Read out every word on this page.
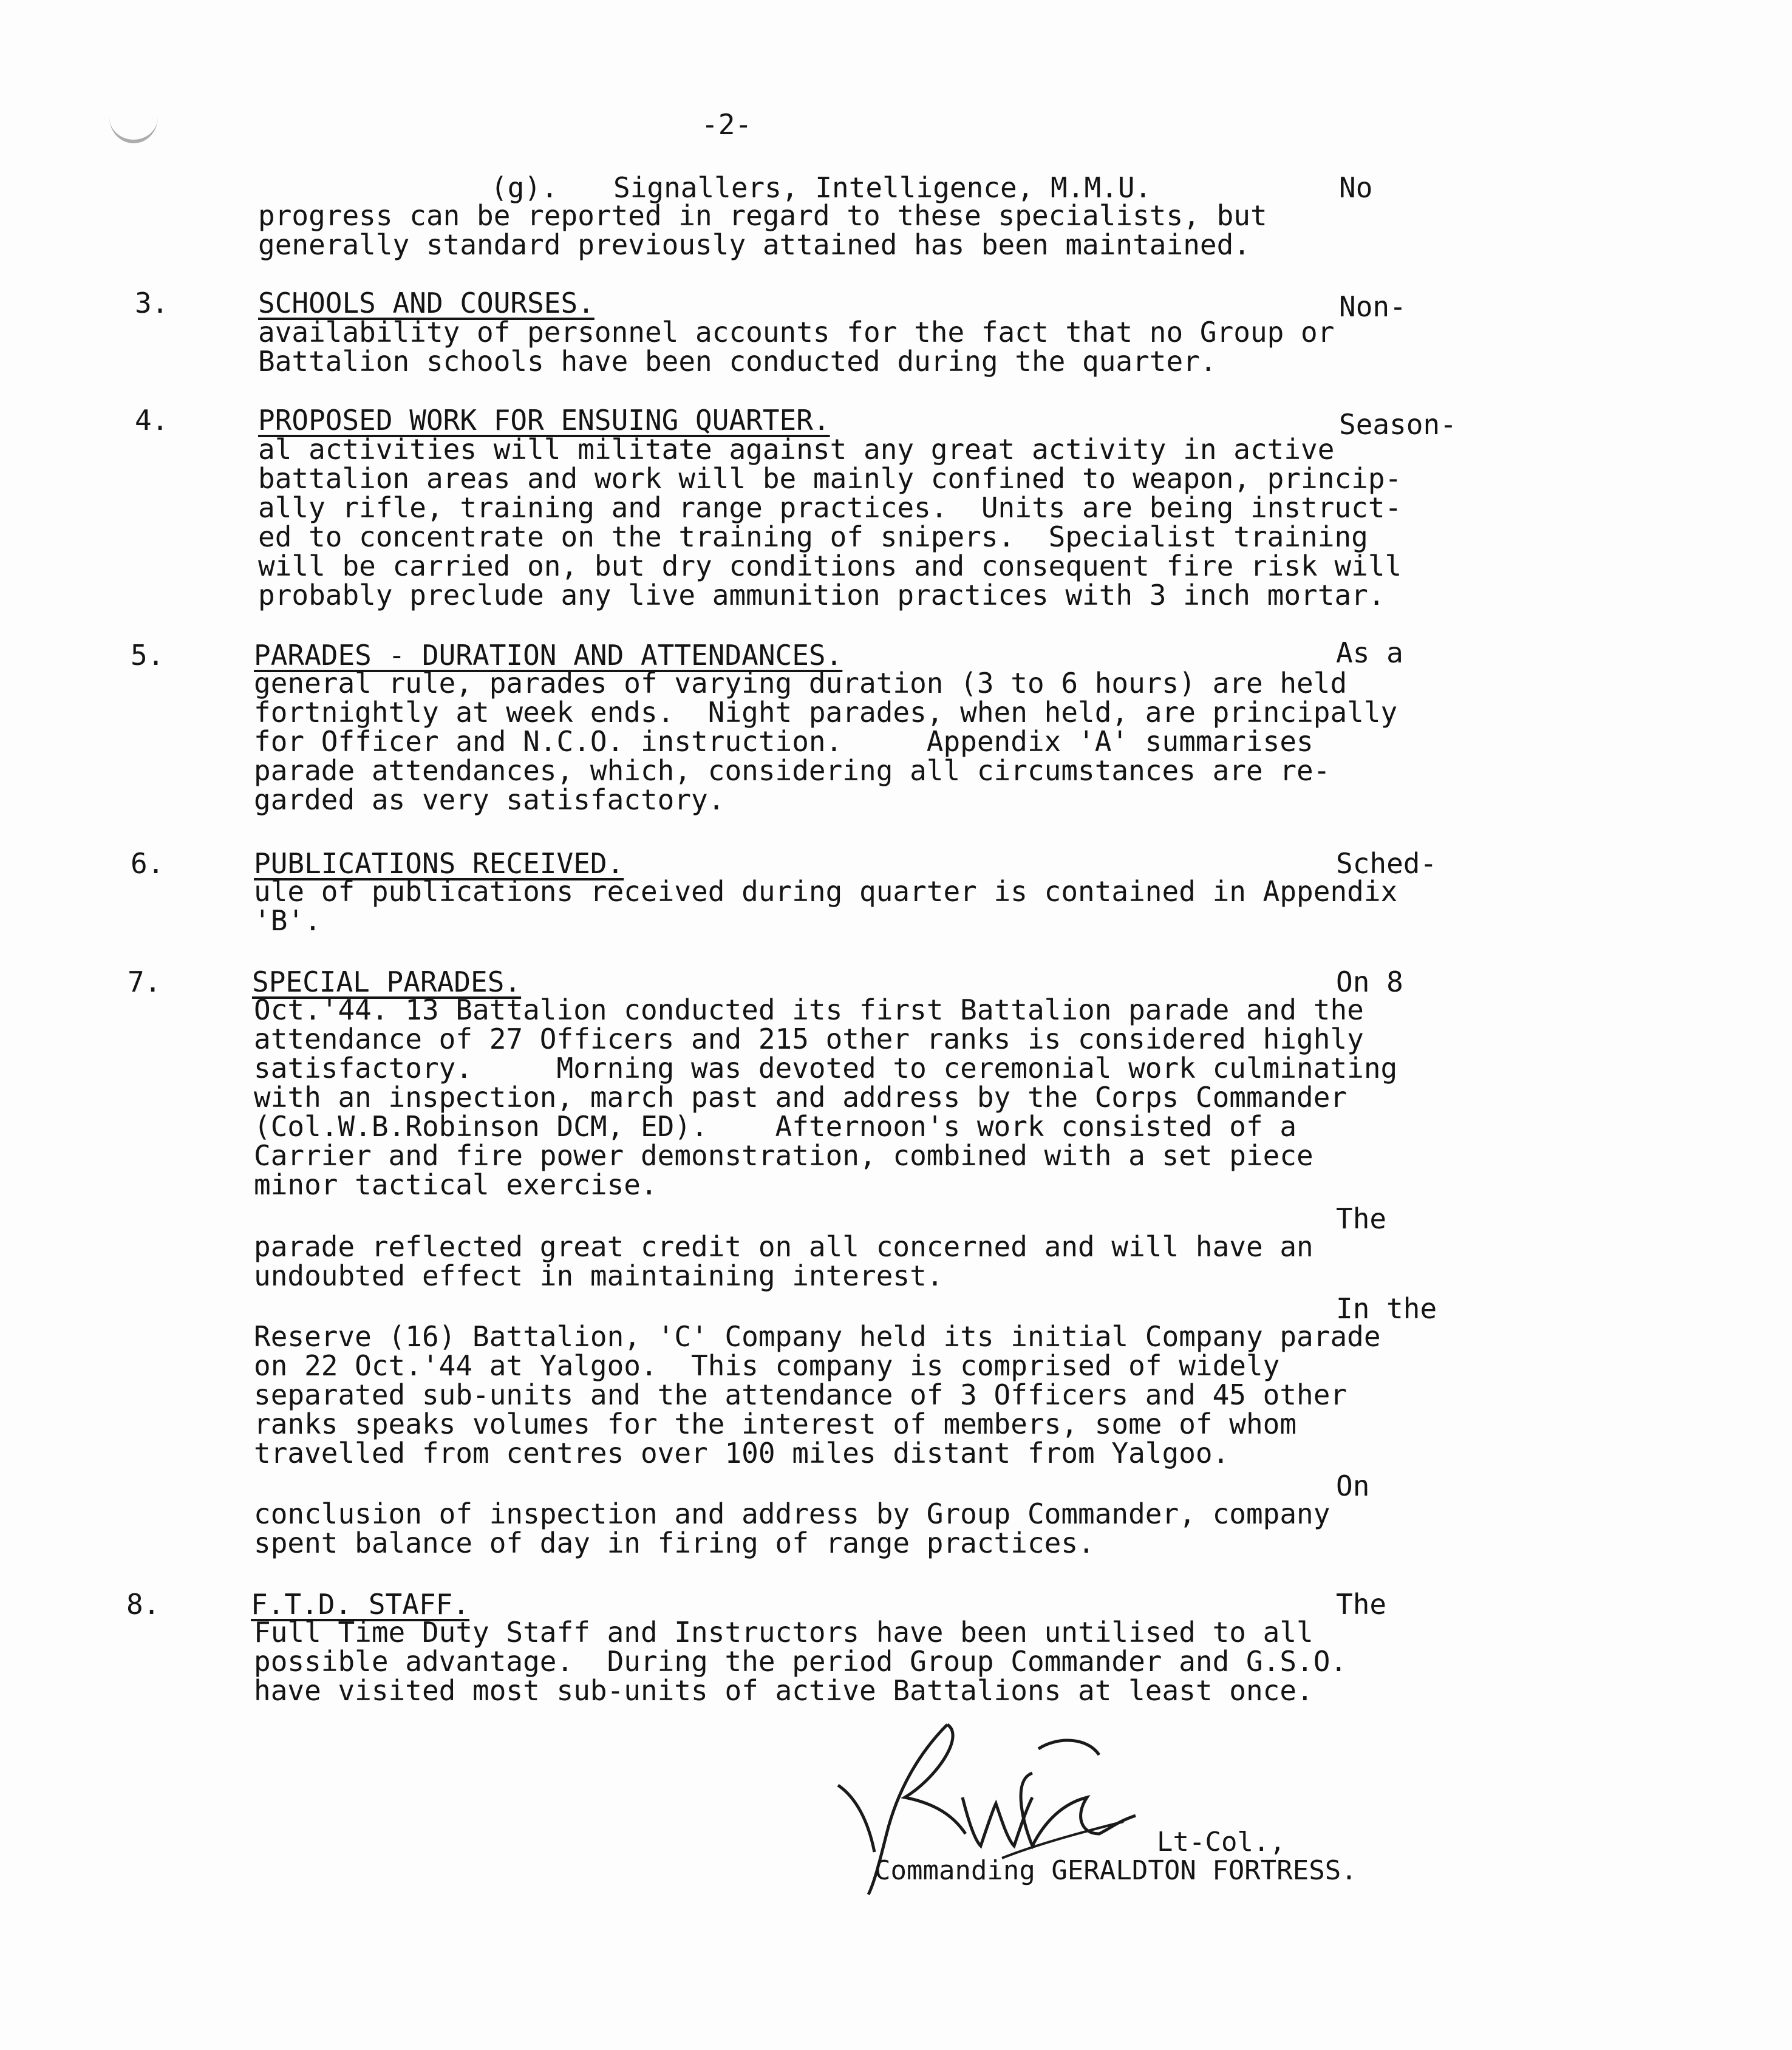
-2-
(g). Signallers, Intelligence, M.M.U.	No
progress can be reported in regard to these specialists, but
generally standard previously attained has been maintained.
3.	SCHOOLS AND COURSES.	Non-
availability of personnel accounts for the fact that no Group or
Battalion schools have been conducted during the quarter.
4.	PROPOSED WORK FOR ENSUING QUARTER.	Season-
al activities will militate against any great activity in active
battalion areas and work will be mainly confined to weapon, princip-
ally rifle, training and range practices.  Units are being instruct-
ed to concentrate on the training of snipers.  Specialist training
will be carried on, but dry conditions and consequent fire risk will
probably preclude any live ammunition practices with 3 inch mortar.
5.	PARADES - DURATION AND ATTENDANCES.	As a
general rule, parades of varying duration (3 to 6 hours) are held
fortnightly at week ends.  Night parades, when held, are principally
for Officer and N.C.O. instruction.     Appendix 'A' summarises
parade attendances, which, considering all circumstances are re-
garded as very satisfactory.
6.	PUBLICATIONS RECEIVED.	Sched-
ule of publications received during quarter is contained in Appendix
'B'.
7.	SPECIAL PARADES.	On 8
Oct.'44. 13 Battalion conducted its first Battalion parade and the
attendance of 27 Officers and 215 other ranks is considered highly
satisfactory.     Morning was devoted to ceremonial work culminating
with an inspection, march past and address by the Corps Commander
(Col.W.B.Robinson DCM, ED).    Afternoon's work consisted of a
Carrier and fire power demonstration, combined with a set piece
minor tactical exercise.
The
parade reflected great credit on all concerned and will have an
undoubted effect in maintaining interest.
In the
Reserve (16) Battalion, 'C' Company held its initial Company parade
on 22 Oct.'44 at Yalgoo.  This company is comprised of widely
separated sub-units and the attendance of 3 Officers and 45 other
ranks speaks volumes for the interest of members, some of whom
travelled from centres over 100 miles distant from Yalgoo.
On
conclusion of inspection and address by Group Commander, company
spent balance of day in firing of range practices.
8.	F.T.D. STAFF.	The
Full Time Duty Staff and Instructors have been untilised to all
possible advantage.  During the period Group Commander and G.S.O.
have visited most sub-units of active Battalions at least once.
Lt-Col.,
Commanding GERALDTON FORTRESS.
